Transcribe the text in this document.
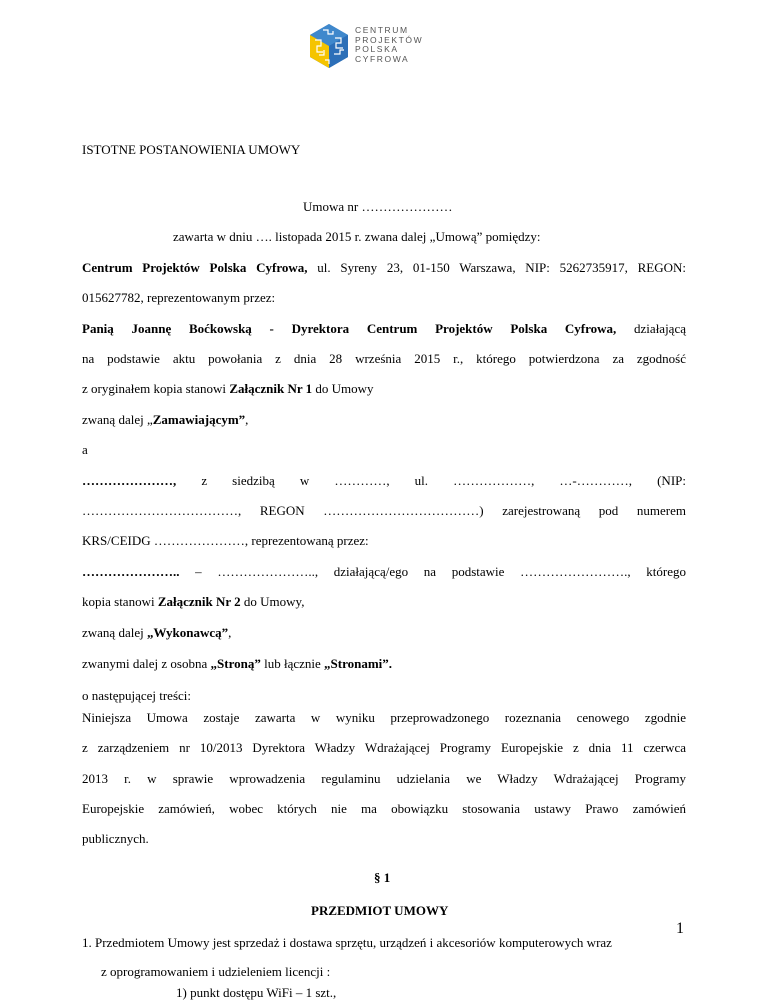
CENTRUM
PROJEKTÓW
POLSKA
CYFROWA
ISTOTNE POSTANOWIENIA UMOWY
Umowa nr …………………
zawarta w dniu …. listopada 2015 r. zwana dalej „Umową” pomiędzy:
Centrum Projektów Polska Cyfrowa, ul. Syreny 23, 01-150 Warszawa, NIP: 5262735917, REGON:
015627782, reprezentowanym przez:
Panią Joannę Boćkowską - Dyrektora Centrum Projektów Polska Cyfrowa, działającą
na podstawie aktu powołania z dnia 28 września 2015 r., którego potwierdzona za zgodność
z oryginałem kopia stanowi Załącznik Nr 1 do Umowy
zwaną dalej „Zamawiającym”,
a
…………………, z siedzibą w …………, ul. ………………, …-…………, (NIP:
………………………………, REGON ………………………………) zarejestrowaną pod numerem
KRS/CEIDG …………………, reprezentowaną przez:
………………….. – ………………….., działającą/ego na podstawie ……………………., którego
kopia stanowi Załącznik Nr 2 do Umowy,
zwaną dalej „Wykonawcą”,
zwanymi dalej z osobna „Stroną” lub łącznie „Stronami”.
o następującej treści:
Niniejsza Umowa zostaje zawarta w wyniku przeprowadzonego rozeznania cenowego zgodnie
z zarządzeniem nr 10/2013 Dyrektora Władzy Wdrażającej Programy Europejskie z dnia 11 czerwca
2013 r. w sprawie wprowadzenia regulaminu udzielania we Władzy Wdrażającej Programy
Europejskie zamówień, wobec których nie ma obowiązku stosowania ustawy Prawo zamówień
publicznych.
§ 1
PRZEDMIOT UMOWY
1. Przedmiotem Umowy jest sprzedaż i dostawa sprzętu, urządzeń i akcesoriów komputerowych wraz
z oprogramowaniem i udzieleniem licencji :
1) punkt dostępu WiFi – 1 szt.,
1
